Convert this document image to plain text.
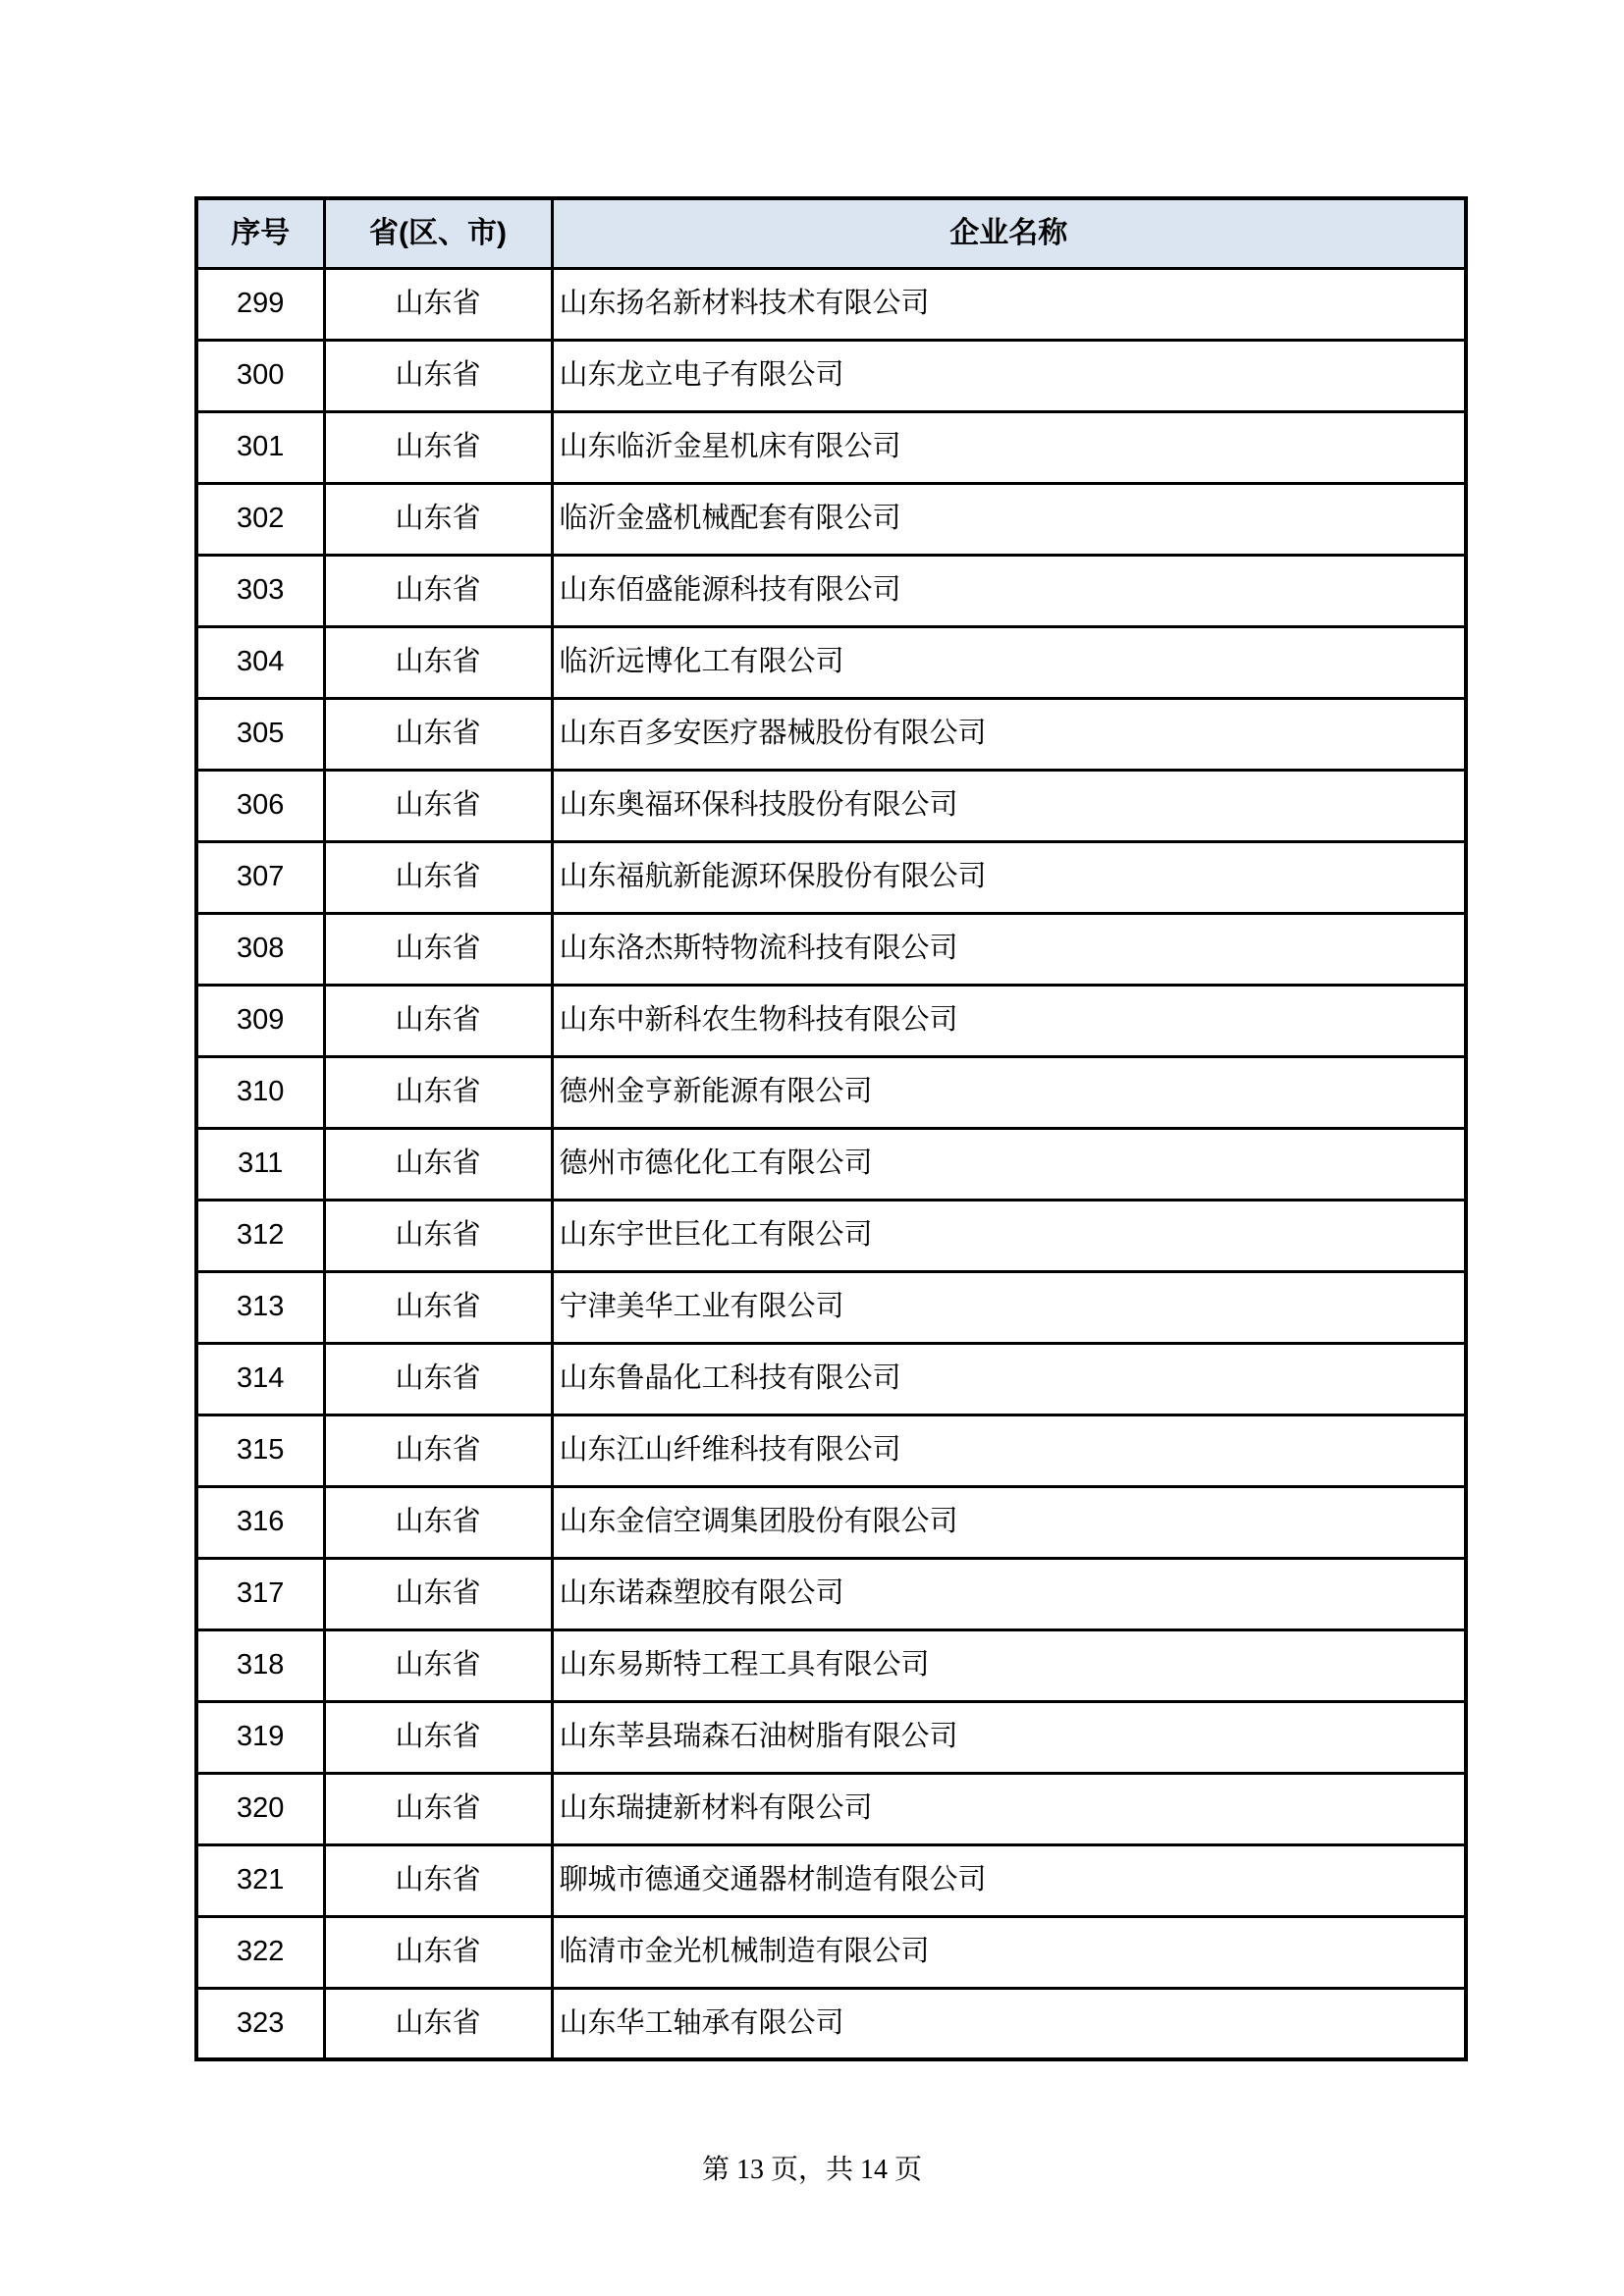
序号	省(区、市)	企业名称
299	山东省	山东扬名新材料技术有限公司
300	山东省	山东龙立电子有限公司
301	山东省	山东临沂金星机床有限公司
302	山东省	临沂金盛机械配套有限公司
303	山东省	山东佰盛能源科技有限公司
304	山东省	临沂远博化工有限公司
305	山东省	山东百多安医疗器械股份有限公司
306	山东省	山东奥福环保科技股份有限公司
307	山东省	山东福航新能源环保股份有限公司
308	山东省	山东洛杰斯特物流科技有限公司
309	山东省	山东中新科农生物科技有限公司
310	山东省	德州金亨新能源有限公司
311	山东省	德州市德化化工有限公司
312	山东省	山东宇世巨化工有限公司
313	山东省	宁津美华工业有限公司
314	山东省	山东鲁晶化工科技有限公司
315	山东省	山东江山纤维科技有限公司
316	山东省	山东金信空调集团股份有限公司
317	山东省	山东诺森塑胶有限公司
318	山东省	山东易斯特工程工具有限公司
319	山东省	山东莘县瑞森石油树脂有限公司
320	山东省	山东瑞捷新材料有限公司
321	山东省	聊城市德通交通器材制造有限公司
322	山东省	临清市金光机械制造有限公司
323	山东省	山东华工轴承有限公司
第 13 页，共 14 页
